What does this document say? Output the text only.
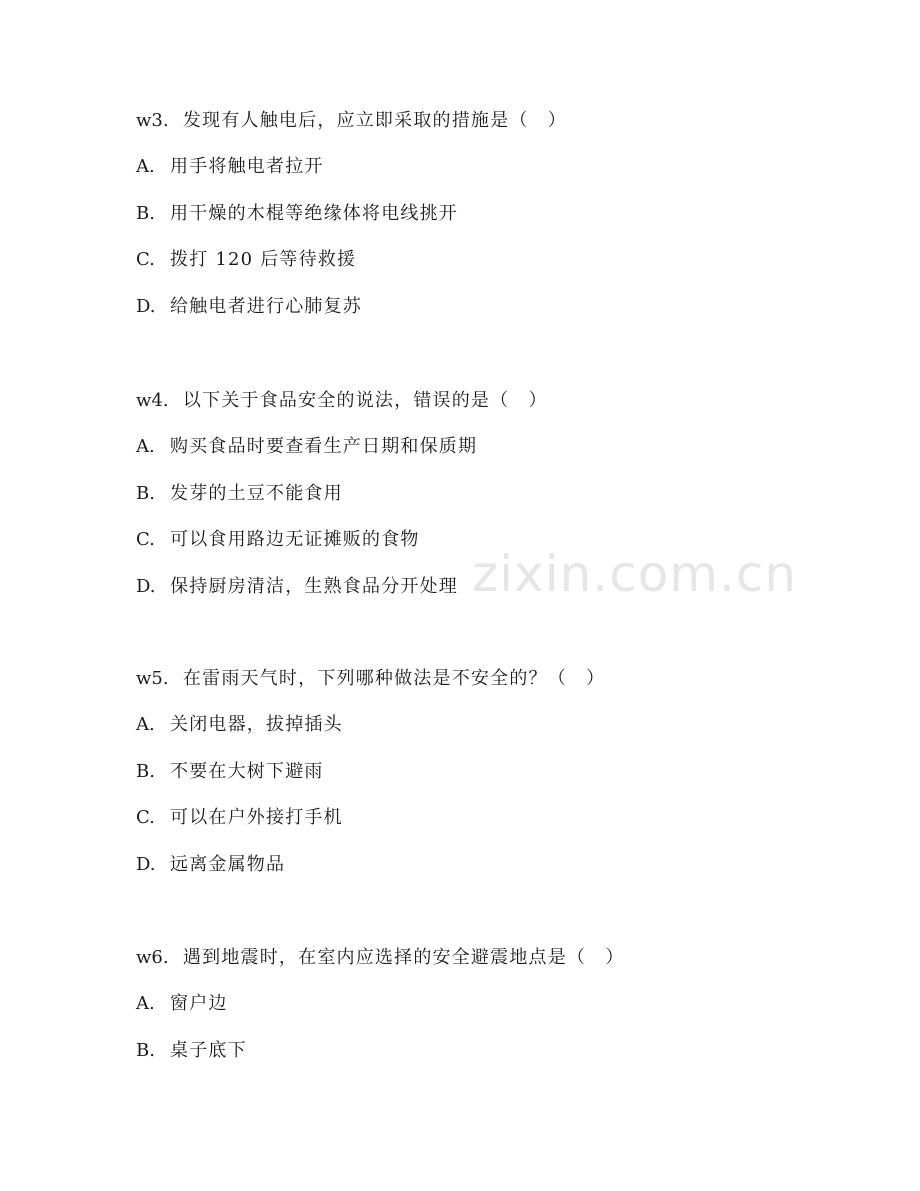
zixin.com.cn
w3. 发现有人触电后，应立即采取的措施是（　）
A. 用手将触电者拉开
B. 用干燥的木棍等绝缘体将电线挑开
C. 拨打 120 后等待救援
D. 给触电者进行心肺复苏
w4. 以下关于食品安全的说法，错误的是（　）
A. 购买食品时要查看生产日期和保质期
B. 发芽的土豆不能食用
C. 可以食用路边无证摊贩的食物
D. 保持厨房清洁，生熟食品分开处理
w5. 在雷雨天气时，下列哪种做法是不安全的？（　）
A. 关闭电器，拔掉插头
B. 不要在大树下避雨
C. 可以在户外接打手机
D. 远离金属物品
w6. 遇到地震时，在室内应选择的安全避震地点是（　）
A. 窗户边
B. 桌子底下
